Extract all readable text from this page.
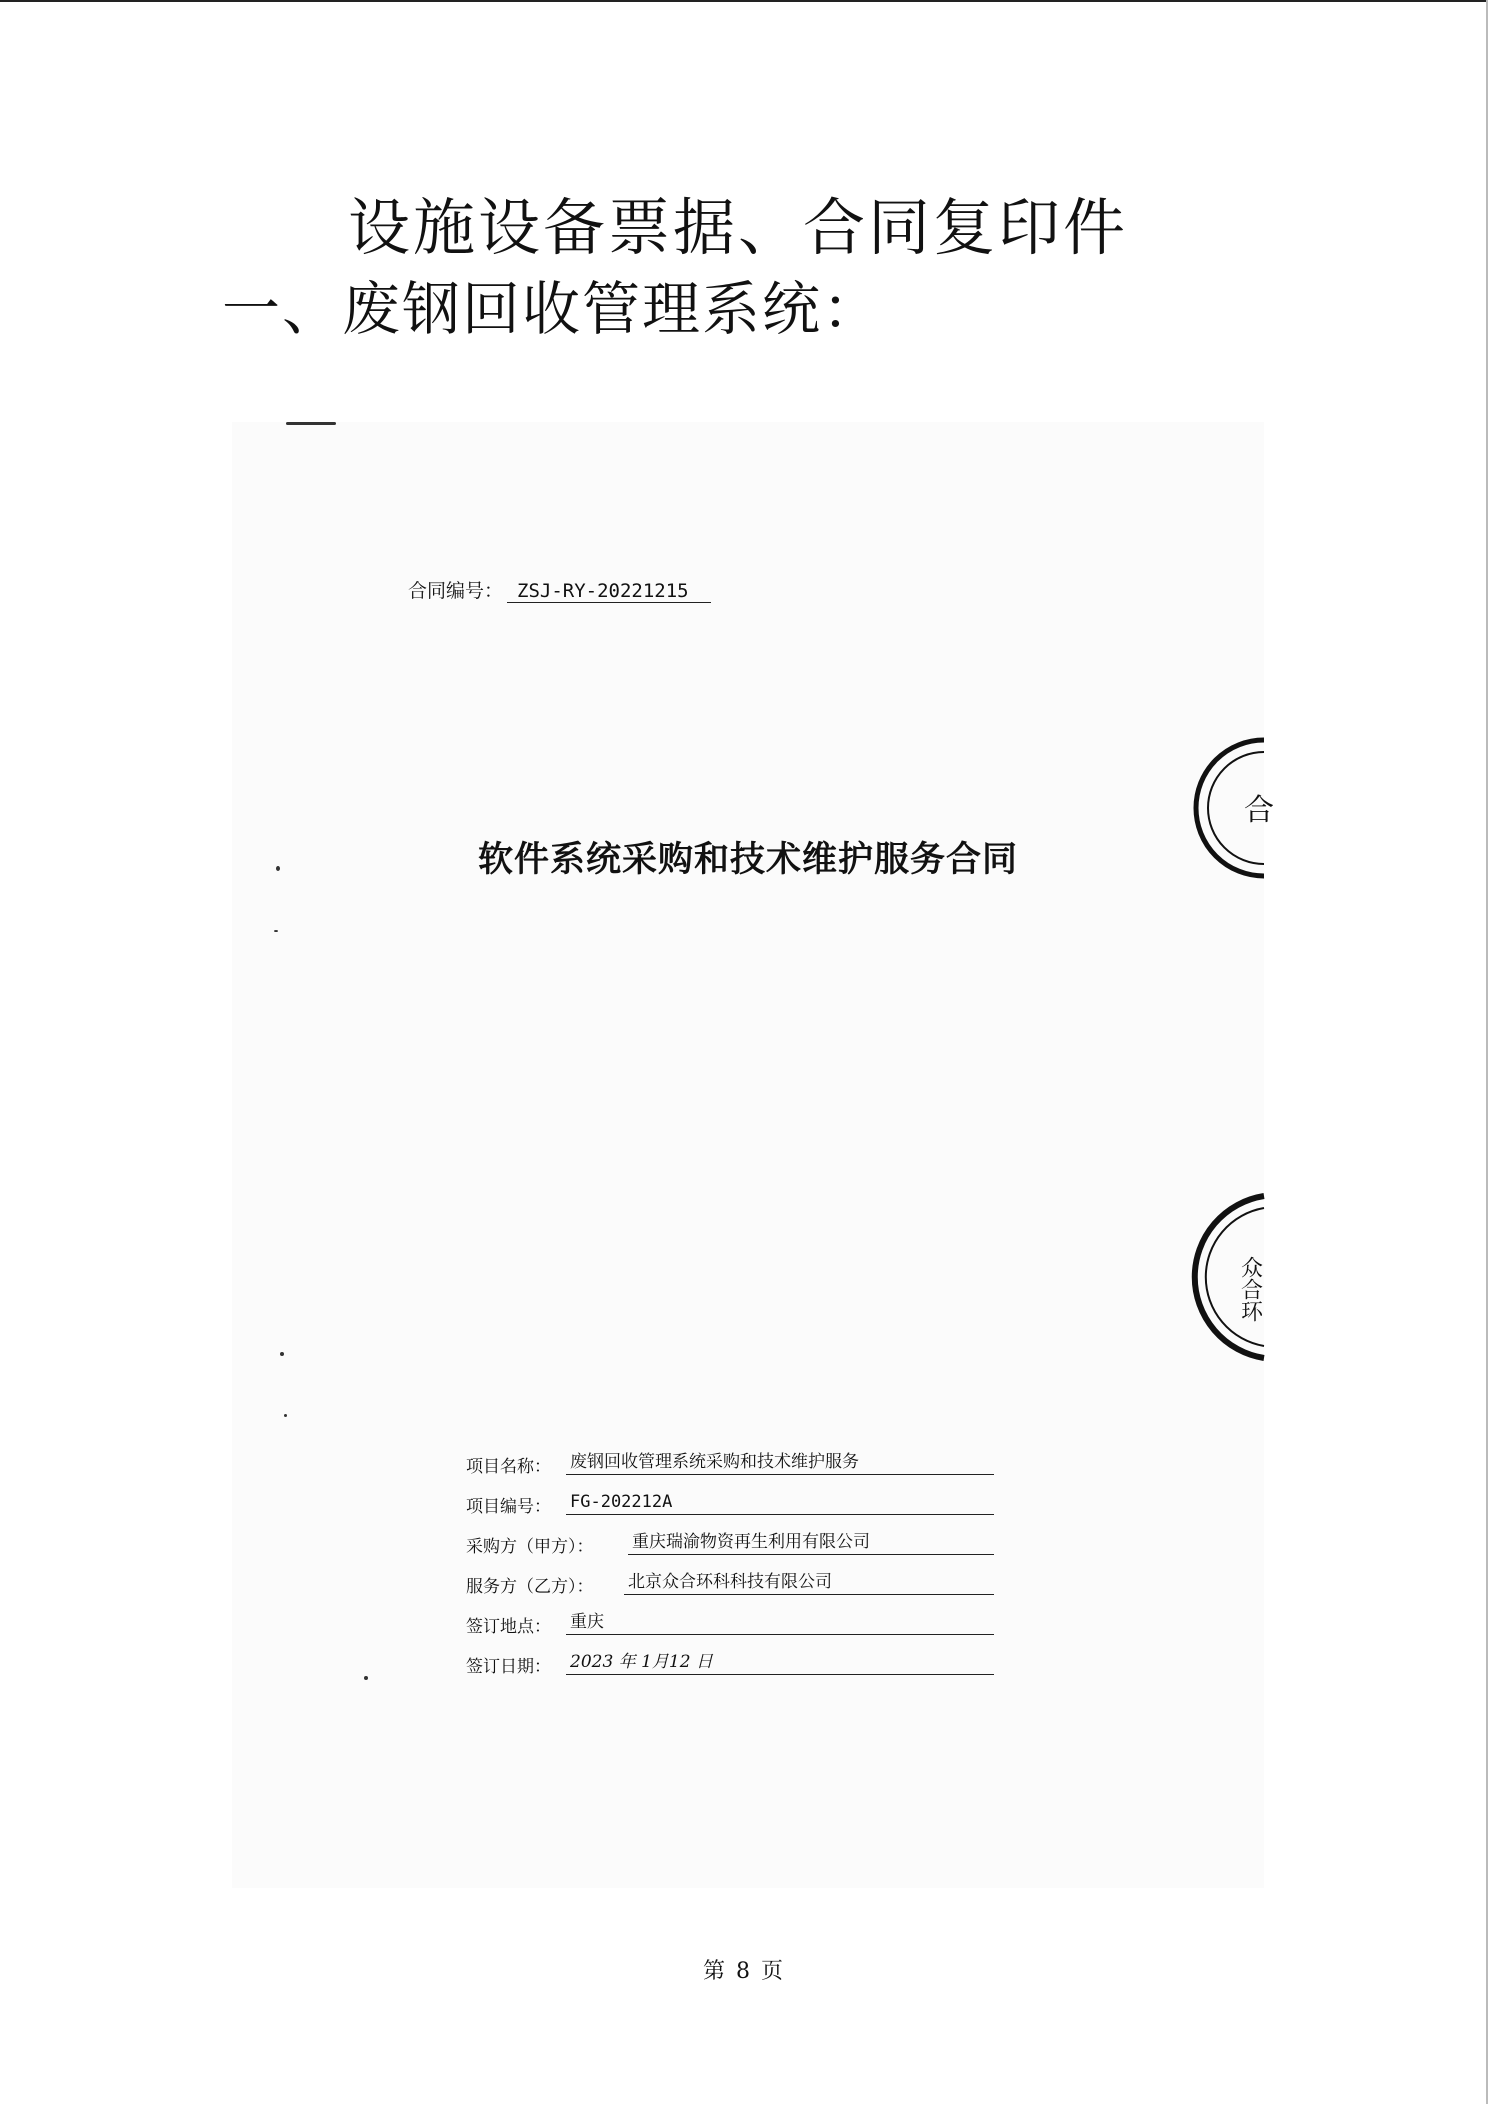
设施设备票据、合同复印件
一、废钢回收管理系统：
合同编号： ZSJ-RY-20221215
软件系统采购和技术维护服务合同
合
众合环
项目名称： 废钢回收管理系统采购和技术维护服务
项目编号： FG-202212A
采购方（甲方）： 重庆瑞渝物资再生利用有限公司
服务方（乙方）： 北京众合环科科技有限公司
签订地点： 重庆
签订日期： 2023 年 1月12 日
第 8 页
